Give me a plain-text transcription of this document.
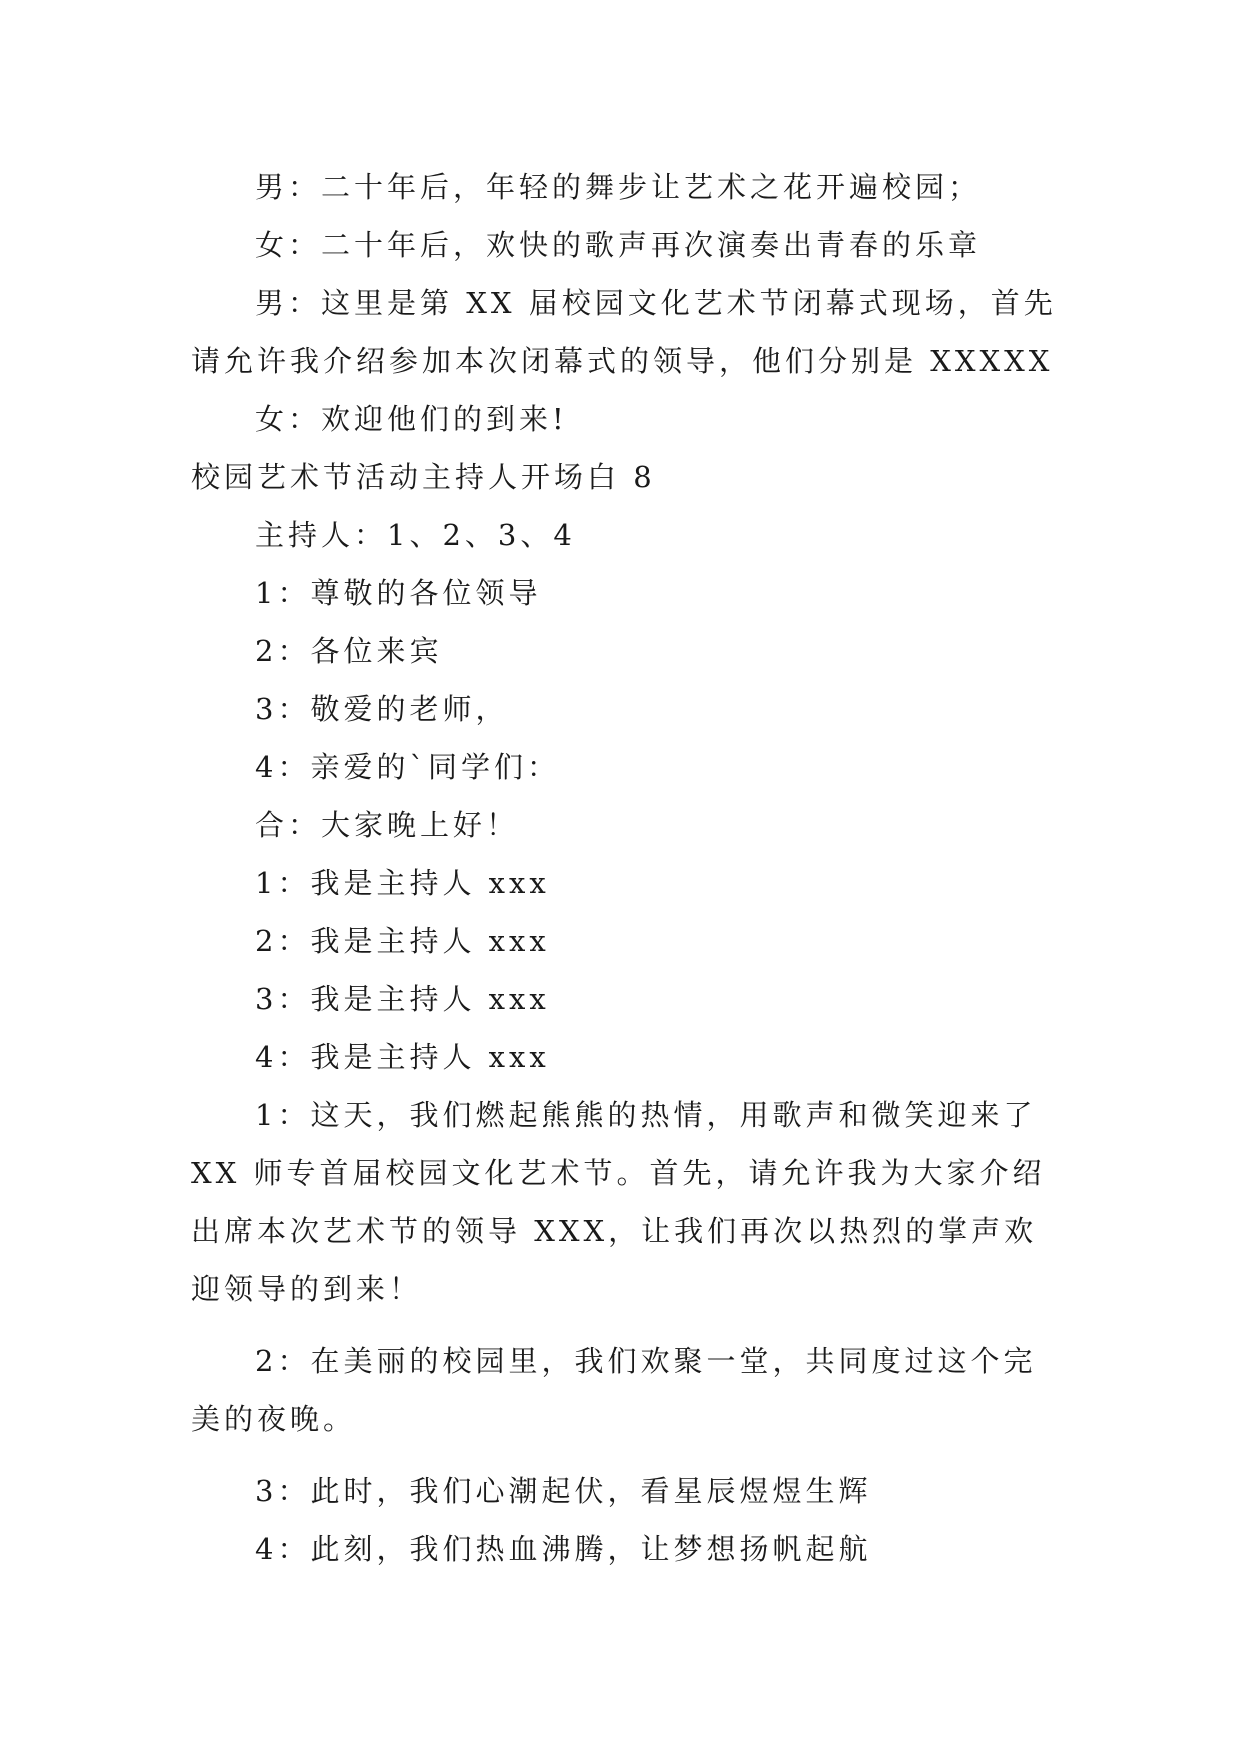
男：二十年后，年轻的舞步让艺术之花开遍校园；
女：二十年后，欢快的歌声再次演奏出青春的乐章
男：这里是第 XX 届校园文化艺术节闭幕式现场，首先请允许我介绍参加本次闭幕式的领导，他们分别是 XXXXX
女：欢迎他们的到来!
校园艺术节活动主持人开场白 8
主持人：1、2、3、4
1：尊敬的各位领导
2：各位来宾
3：敬爱的老师，
4：亲爱的`同学们：
合：大家晚上好！
1：我是主持人 xxx
2：我是主持人 xxx
3：我是主持人 xxx
4：我是主持人 xxx
1：这天，我们燃起熊熊的热情，用歌声和微笑迎来了 XX 师专首届校园文化艺术节。首先，请允许我为大家介绍出席本次艺术节的领导 XXX，让我们再次以热烈的掌声欢迎领导的到来！
2：在美丽的校园里，我们欢聚一堂，共同度过这个完美的夜晚。
3：此时，我们心潮起伏，看星辰煜煜生辉
4：此刻，我们热血沸腾，让梦想扬帆起航
